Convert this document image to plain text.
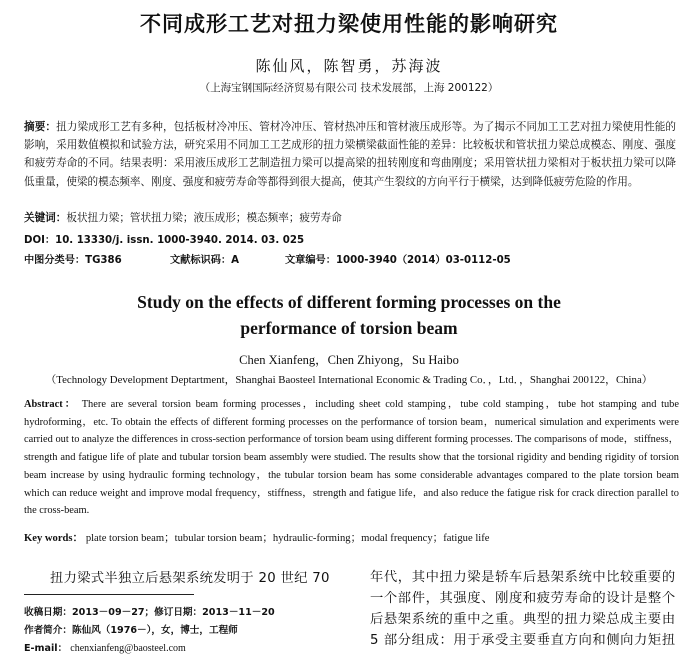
不同成形工艺对扭力梁使用性能的影响研究
陈仙风，陈智勇，苏海波
（上海宝钢国际经济贸易有限公司 技术发展部，上海 200122）
摘要：扭力梁成形工艺有多种，包括板材冷冲压、管材冷冲压、管材热冲压和管材液压成形等。为了揭示不同加工工艺对扭力梁使用性能的影响，采用数值模拟和试验方法，研究采用不同加工工艺成形的扭力梁横梁截面性能的差异：比较板状和管状扭力梁总成模态、刚度、强度和疲劳寿命的不同。结果表明：采用液压成形工艺制造扭力梁可以提高梁的扭转刚度和弯曲刚度；采用管状扭力梁相对于板状扭力梁可以降低重量，使梁的模态频率、刚度、强度和疲劳寿命等都得到很大提高，使其产生裂纹的方向平行于横梁，达到降低疲劳危险的作用。
关键词：板状扭力梁；管状扭力梁；液压成形；模态频率；疲劳寿命
DOI：10. 13330/j. issn. 1000-3940. 2014. 03. 025
中图分类号：TG386	文献标识码：A	文章编号：1000-3940（2014）03-0112-05
Study on the effects of different forming processes on the
performance of torsion beam
Chen Xianfeng，Chen Zhiyong，Su Haibo
（Technology Development Deptartment，Shanghai Baosteel International Economic & Trading Co．，Ltd．，Shanghai 200122，China）
Abstract： There are several torsion beam forming processes，including sheet cold stamping，tube cold stamping，tube hot stamping and tube hydroforming，etc. To obtain the effects of different forming processes on the performance of torsion beam，numerical simulation and experiments were carried out to analyze the differences in cross-section performance of torsion beam using different forming processes. The comparisons of mode，stiffness，strength and fatigue life of plate and tubular torsion beam assembly were studied. The results show that the torsional rigidity and bending rigidity of torsion beam increase by using hydraulic forming technology，the tubular torsion beam has some considerable advantages compared to the plate torsion beam which can reduce weight and improve modal frequency，stiffness，strength and fatigue life，and also reduce the fatigue risk for crack direction parallel to the cross-beam.
Key words： plate torsion beam；tubular torsion beam；hydraulic-forming；modal frequency；fatigue life
扭力梁式半独立后悬架系统发明于 20 世纪 70
收稿日期：2013－09－27；修订日期：2013－11－20
作者简介：陈仙风（1976－），女，博士，工程师
E-mail： chenxianfeng@baosteel.com
年代，其中扭力梁是轿车后悬架系统中比较重要的
一个部件，其强度、刚度和疲劳寿命的设计是整个
后悬架系统的重中之重。典型的扭力梁总成主要由
5 部分组成：用于承受主要垂直方向和侧向力矩扭
